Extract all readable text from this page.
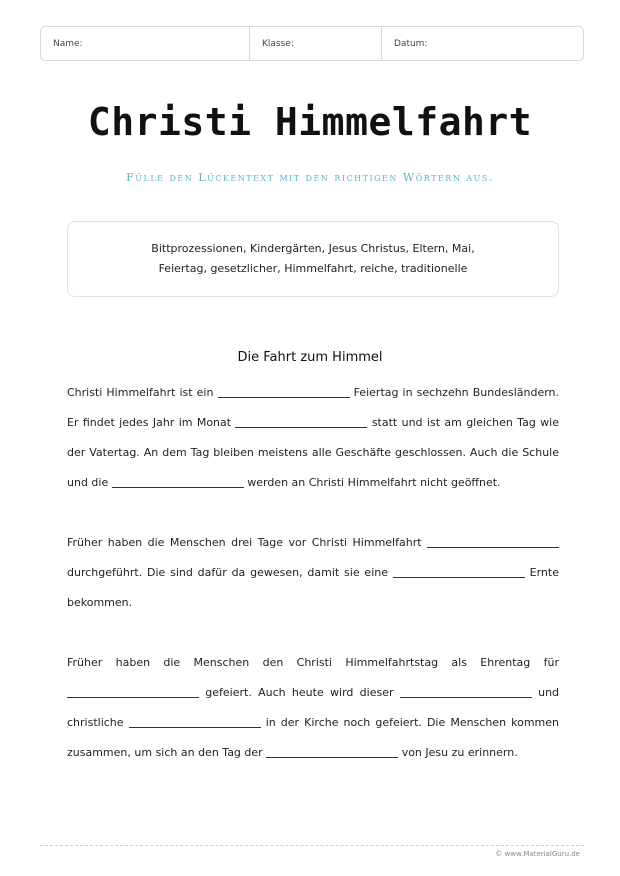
Name:	Klasse:	Datum:
Christi Himmelfahrt
Fülle den Lückentext mit den richtigen Wörtern aus.
Bittprozessionen, Kindergärten, Jesus Christus, Eltern, Mai,
Feiertag, gesetzlicher, Himmelfahrt, reiche, traditionelle
Die Fahrt zum Himmel

Christi Himmelfahrt ist ein	Feiertag in sechzehn Bundesländern. Er findet jedes Jahr im Monat	statt und ist am gleichen Tag wie der Vatertag. An dem Tag bleiben meistens alle Geschäfte geschlossen. Auch die Schule und die	werden an Christi Himmelfahrt nicht geöffnet.

Früher haben die Menschen drei Tage vor Christi Himmelfahrt  durchgeführt. Die sind dafür da gewesen, damit sie eine	Ernte bekommen.

Früher haben die Menschen den Christi Himmelfahrtstag als Ehrentag für  gefeiert. Auch heute wird dieser	und christliche	in der Kirche noch gefeiert. Die Menschen kommen zusammen, um sich an den Tag der	von Jesu zu erinnern.

© www.MaterialGuru.de
